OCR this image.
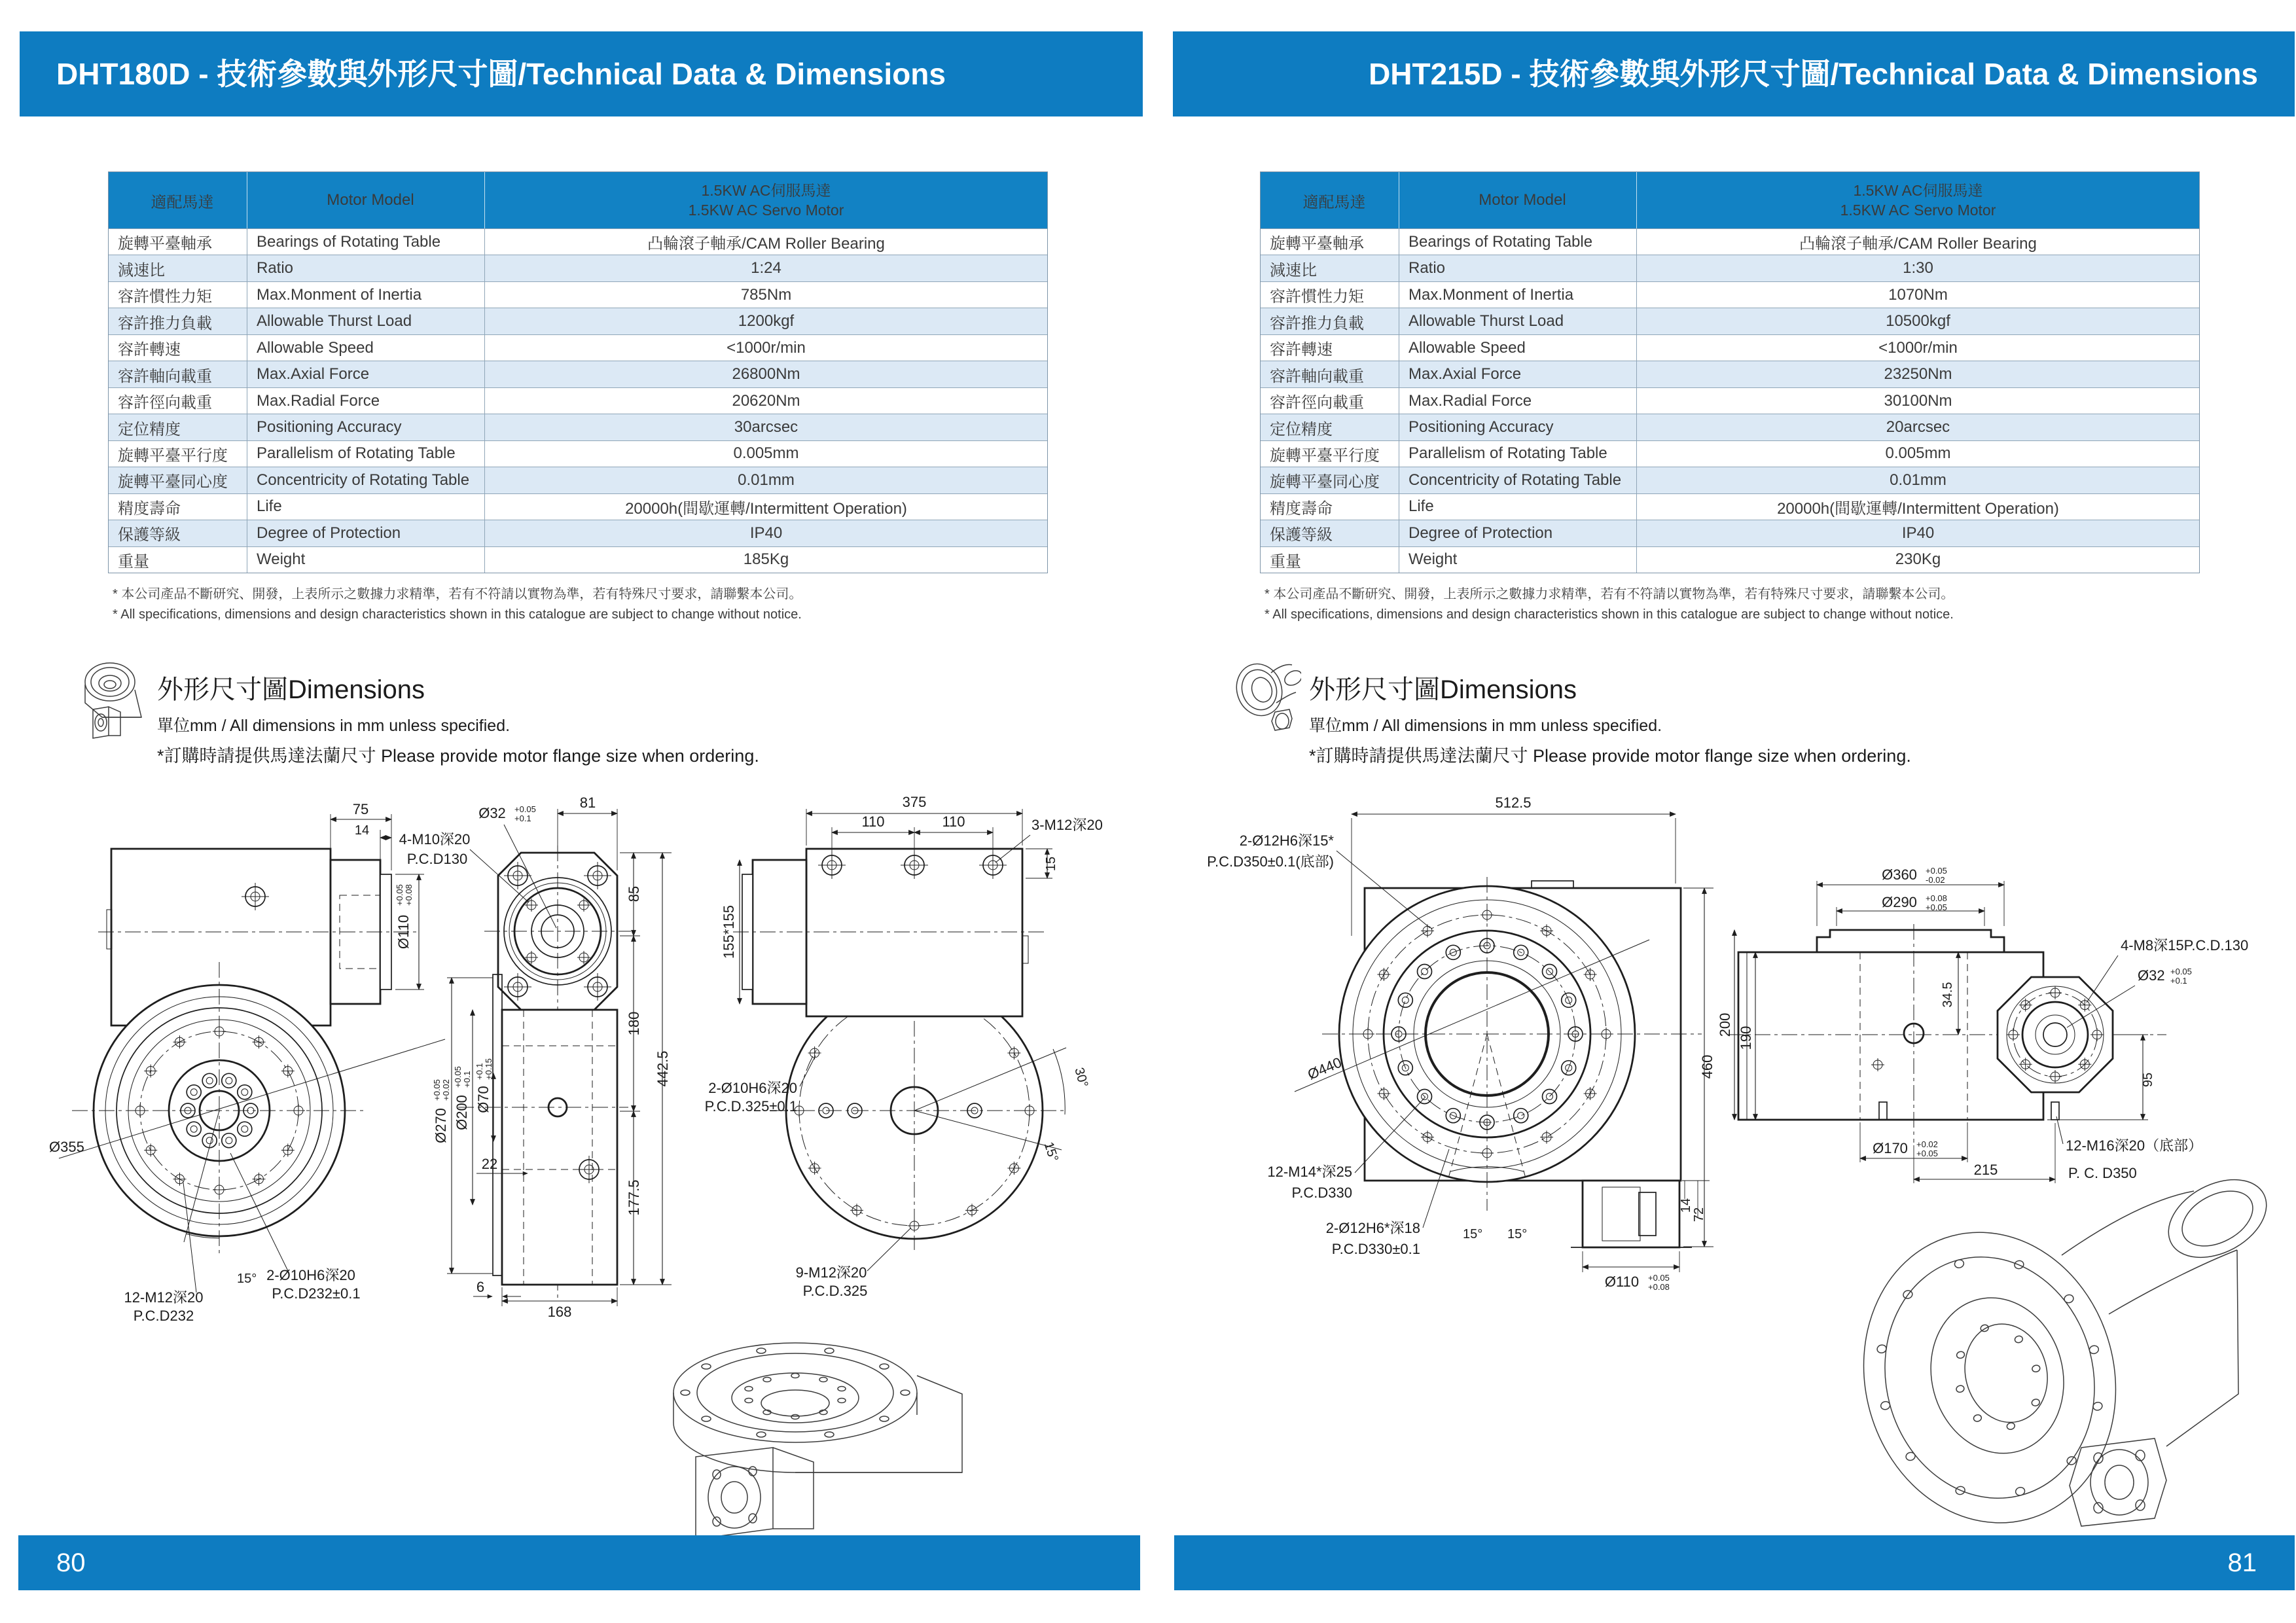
75
14
Ø110
+0.05 +0.08
Ø355
12-M12深20
P.C.D232
2-Ø10H6深20
P.C.D232±0.1
15°
Ø32 +0.05
+0.1
4-M10深20
P.C.D130
81
85
180
177.5
442.5
Ø270
+0.05 +0.02
Ø200
+0.05 +0.1
Ø70
+0.1 +0.15
22
6
168
375
110	110	3-M12深20
15
155*155
30°
15°
2-Ø10H6深20
P.C.D.325±0.1
9-M12深20
P.C.D.325
512.5
460
2-Ø12H6深15*
P.C.D350±0.1(底部)
Ø440
12-M14*深25
P.C.D330
2-Ø12H6*深18
P.C.D330±0.1
15° 15°
Ø110 +0.05
+0.08
14
72
Ø360 +0.05
-0.02
Ø290 +0.08
+0.05
34.5
200
190
95
Ø170 +0.02
+0.05
215
12-M16深20（底部）
P. C. D350
4-M8深15P.C.D.130
Ø32 +0.05
+0.1
DHT180D - 技術參數與外形尺寸圖/Technical Data & Dimensions
適配馬達	Motor Model
1.5KW AC伺服馬達
1.5KW AC Servo Motor
旋轉平臺軸承	Bearings of Rotating Table	凸輪滾子軸承/CAM Roller Bearing
減速比	Ratio	1:24
容許慣性力矩	Max.Monment of Inertia	785Nm
容許推力負載	Allowable Thurst Load	1200kgf
容許轉速	Allowable Speed	<1000r/min
容許軸向載重	Max.Axial Force	26800Nm
容許徑向載重	Max.Radial Force	20620Nm
定位精度	Positioning Accuracy	30arcsec
旋轉平臺平行度	Parallelism of Rotating Table	0.005mm
旋轉平臺同心度	Concentricity of Rotating Table	0.01mm
精度壽命	Life	20000h(間歇運轉/Intermittent Operation)
保護等級	Degree of Protection	IP40
重量	Weight	185Kg
* 本公司產品不斷研究、開發，上表所示之數據力求精準，若有不符請以實物為準，若有特殊尺寸要求，請聯繫本公司。
* All specifications, dimensions and design characteristics shown in this catalogue are subject to change without notice.
外形尺寸圖Dimensions
單位mm / All dimensions in mm unless specified.
*訂購時請提供馬達法蘭尺寸 Please provide motor flange size when ordering.
80
DHT215D - 技術參數與外形尺寸圖/Technical Data & Dimensions
適配馬達	Motor Model
1.5KW AC伺服馬達
1.5KW AC Servo Motor
旋轉平臺軸承	Bearings of Rotating Table	凸輪滾子軸承/CAM Roller Bearing
減速比	Ratio	1:30
容許慣性力矩	Max.Monment of Inertia	1070Nm
容許推力負載	Allowable Thurst Load	10500kgf
容許轉速	Allowable Speed	<1000r/min
容許軸向載重	Max.Axial Force	23250Nm
容許徑向載重	Max.Radial Force	30100Nm
定位精度	Positioning Accuracy	20arcsec
旋轉平臺平行度	Parallelism of Rotating Table	0.005mm
旋轉平臺同心度	Concentricity of Rotating Table	0.01mm
精度壽命	Life	20000h(間歇運轉/Intermittent Operation)
保護等級	Degree of Protection	IP40
重量	Weight	230Kg
* 本公司產品不斷研究、開發，上表所示之數據力求精準，若有不符請以實物為準，若有特殊尺寸要求，請聯繫本公司。
* All specifications, dimensions and design characteristics shown in this catalogue are subject to change without notice.
外形尺寸圖Dimensions
單位mm / All dimensions in mm unless specified.
*訂購時請提供馬達法蘭尺寸 Please provide motor flange size when ordering.
81
